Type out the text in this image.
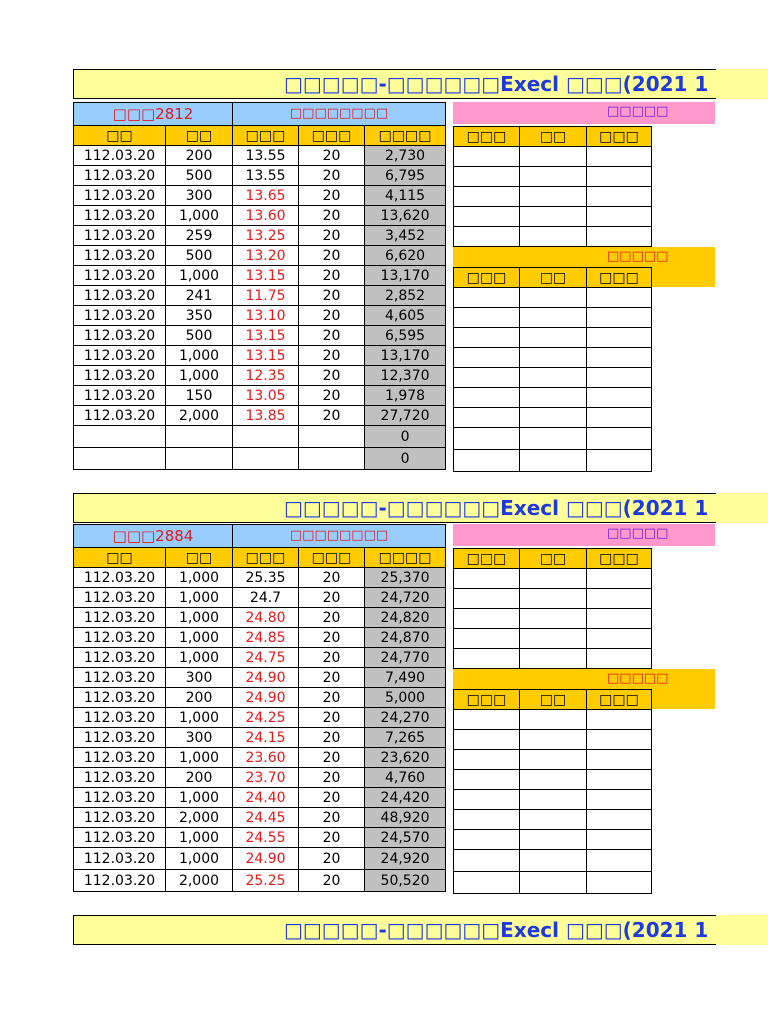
□□□□□-□□□□□□Execl □□□(2021 1
□□□□□-□□□□□□Execl □□□(2021 1
□□□□□-□□□□□□Execl □□□(2021 1
□□□2812		□□□□□□□□		
□□	□□	□□□	□□□	□□□□
112.03.20	200	13.55	20	2,730
112.03.20	500	13.55	20	6,795
112.03.20	300	13.65	20	4,115
112.03.20	1,000	13.60	20	13,620
112.03.20	259	13.25	20	3,452
112.03.20	500	13.20	20	6,620
112.03.20	1,000	13.15	20	13,170
112.03.20	241	11.75	20	2,852
112.03.20	350	13.10	20	4,605
112.03.20	500	13.15	20	6,595
112.03.20	1,000	13.15	20	13,170
112.03.20	1,000	12.35	20	12,370
112.03.20	150	13.05	20	1,978
112.03.20	2,000	13.85	20	27,720
				0
				0
□□□□□
□□□	□□	□□□

□□□□□
□□□	□□	□□□

□□□2884		□□□□□□□□		
□□	□□	□□□	□□□	□□□□
112.03.20	1,000	25.35	20	25,370
112.03.20	1,000	24.7	20	24,720
112.03.20	1,000	24.80	20	24,820
112.03.20	1,000	24.85	20	24,870
112.03.20	1,000	24.75	20	24,770
112.03.20	300	24.90	20	7,490
112.03.20	200	24.90	20	5,000
112.03.20	1,000	24.25	20	24,270
112.03.20	300	24.15	20	7,265
112.03.20	1,000	23.60	20	23,620
112.03.20	200	23.70	20	4,760
112.03.20	1,000	24.40	20	24,420
112.03.20	2,000	24.45	20	48,920
112.03.20	1,000	24.55	20	24,570
112.03.20	1,000	24.90	20	24,920
112.03.20	2,000	25.25	20	50,520
□□□□□
□□□	□□	□□□

□□□□□
□□□	□□	□□□
